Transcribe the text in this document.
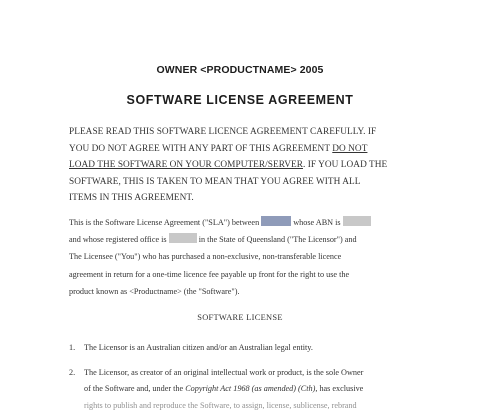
OWNER <PRODUCTNAME> 2005
SOFTWARE LICENSE AGREEMENT
PLEASE READ THIS SOFTWARE LICENCE AGREEMENT CAREFULLY. IF
YOU DO NOT AGREE WITH ANY PART OF THIS AGREEMENT DO NOT
LOAD THE SOFTWARE ON YOUR COMPUTER/SERVER. IF YOU LOAD THE
SOFTWARE, THIS IS TAKEN TO MEAN THAT YOU AGREE WITH ALL
ITEMS IN THIS AGREEMENT.
This is the Software License Agreement ("SLA") between	whose ABN is
and whose registered office is	in the State of Queensland ("The Licensor") and
The Licensee ("You") who has purchased a non-exclusive, non-transferable licence
agreement in return for a one-time licence fee payable up front for the right to use the
product known as <Productname> (the "Software").
SOFTWARE LICENSE
1. The Licensor is an Australian citizen and/or an Australian legal entity.
2. The Licensor, as creator of an original intellectual work or product, is the sole Owner
of the Software and, under the Copyright Act 1968 (as amended) (Cth), has exclusive
rights to publish and reproduce the Software, to assign, license, sublicense, rebrand
